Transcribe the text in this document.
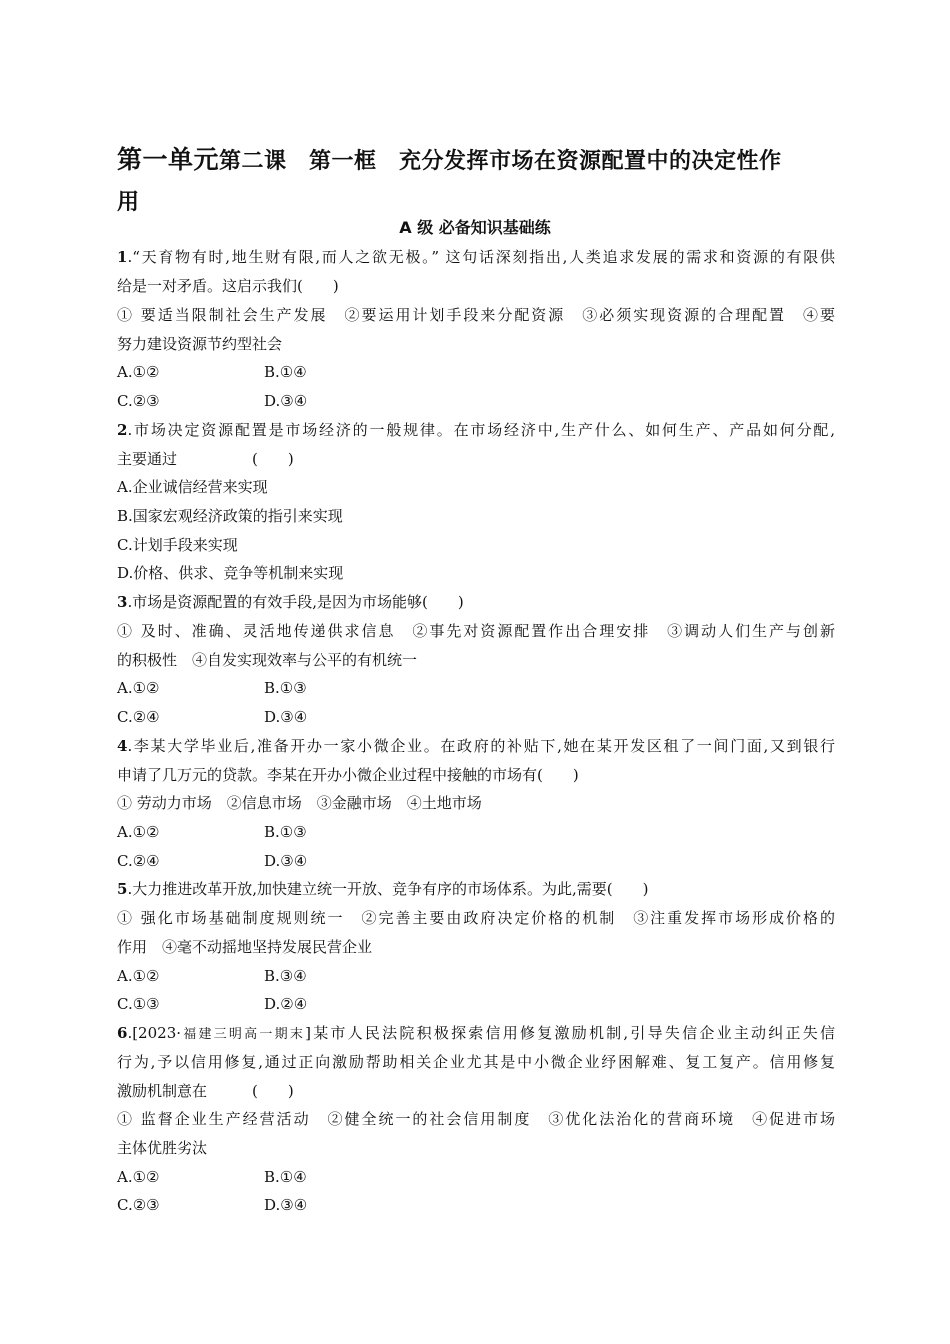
第一单元第二课　第一框　充分发挥市场在资源配置中的决定性作
用
A 级 必备知识基础练
1.“天育物有时,地生财有限,而人之欲无极。” 这句话深刻指出,人类追求发展的需求和资源的有限供
给是一对矛盾。这启示我们(　　)
① 要适当限制社会生产发展　②要运用计划手段来分配资源　③必须实现资源的合理配置　④要
努力建设资源节约型社会
A.①②	B.①④
C.②③	D.③④
2.市场决定资源配置是市场经济的一般规律。在市场经济中,生产什么、如何生产、产品如何分配,
主要通过　　　　　(　　)
A.企业诚信经营来实现
B.国家宏观经济政策的指引来实现
C.计划手段来实现
D.价格、供求、竞争等机制来实现
3.市场是资源配置的有效手段,是因为市场能够(　　)
① 及时、准确、灵活地传递供求信息　②事先对资源配置作出合理安排　③调动人们生产与创新
的积极性　④自发实现效率与公平的有机统一
A.①②	B.①③
C.②④	D.③④
4.李某大学毕业后,准备开办一家小微企业。在政府的补贴下,她在某开发区租了一间门面,又到银行
申请了几万元的贷款。李某在开办小微企业过程中接触的市场有(　　)
① 劳动力市场　②信息市场　③金融市场　④土地市场
A.①②	B.①③
C.②④	D.③④
5.大力推进改革开放,加快建立统一开放、竞争有序的市场体系。为此,需要(　　)
① 强化市场基础制度规则统一　②完善主要由政府决定价格的机制　③注重发挥市场形成价格的
作用　④毫不动摇地坚持发展民营企业
A.①②	B.③④
C.①③	D.②④
6.[2023·福建三明高一期末]某市人民法院积极探索信用修复激励机制,引导失信企业主动纠正失信
行为,予以信用修复,通过正向激励帮助相关企业尤其是中小微企业纾困解难、复工复产。信用修复
激励机制意在　　　(　　)
① 监督企业生产经营活动　②健全统一的社会信用制度　③优化法治化的营商环境　④促进市场
主体优胜劣汰
A.①②	B.①④
C.②③	D.③④
